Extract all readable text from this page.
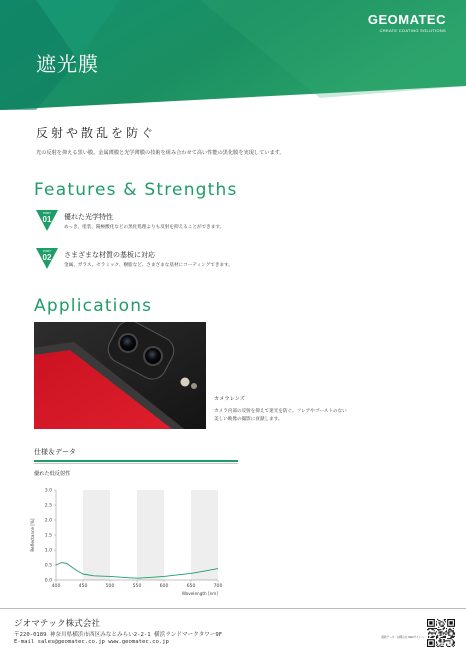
遮光膜
GEOMATEC
CREATE COATING SOLUTIONS
反射や散乱を防ぐ
光の反射を抑える黒い膜。金属薄膜と光学薄膜の技術を組み合わせて高い性能の黒化膜を実現しています。
Features & Strengths
POINT
01	優れた光学特性
めっき、塗装、陽極酸化などの黒化処理よりも反射を抑えることができます。
POINT
02	さまざまな材質の基板に対応
金属、ガラス、セラミック、樹脂など、さまざまな基材にコーティングできます。
Applications
カメラレンズ
カメラ内部の反射を抑えて迷光を防ぐ。フレアやゴーストのない
美しい映像の撮影に貢献します。
仕様＆データ
優れた低反射性
0.0
0.5
1.0
1.5
2.0
2.5
3.0
400	450	500	550	600	650	700
Wavelength [nm]
Reflectance [%]
ジオマテック株式会社
〒220-0189 神奈川県横浜市西区みなとみらい2-2-1 横浜ランドマークタワー9F
E-mail sales@geomatec.co.jp www.geomatec.co.jp
最新データ・お問合せ Webサイトへ
